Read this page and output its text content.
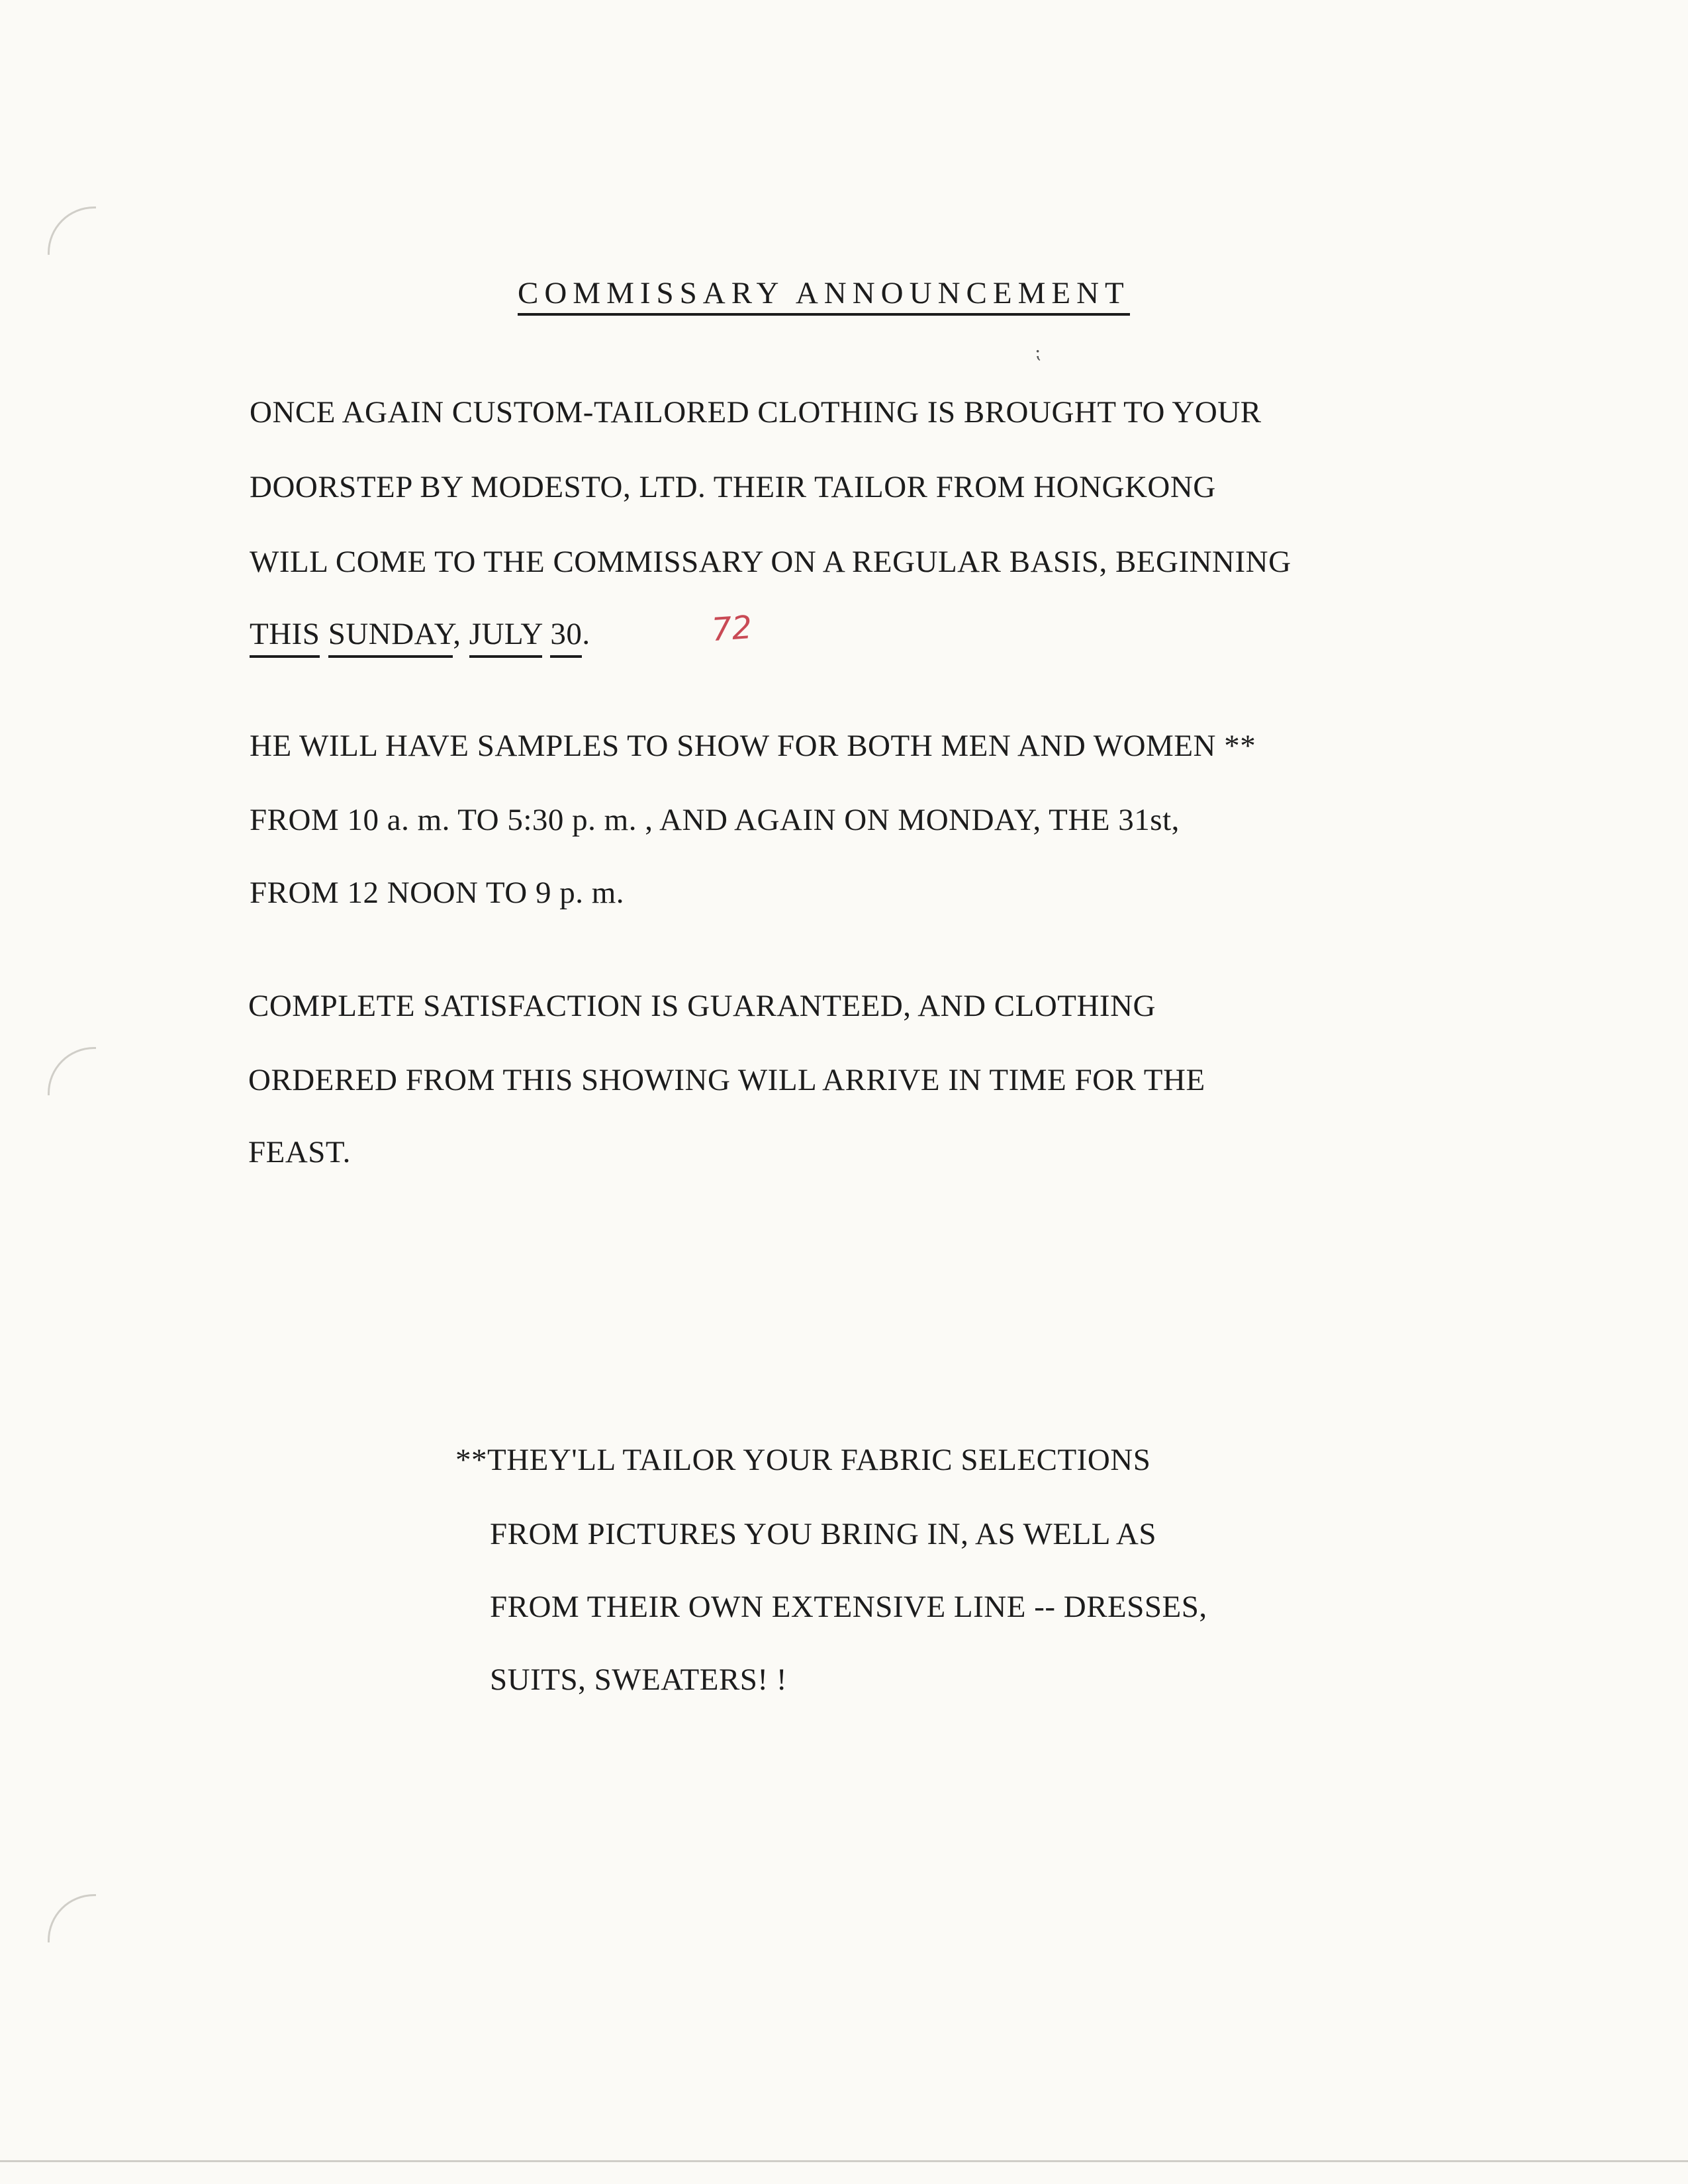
COMMISSARY ANNOUNCEMENT
⁏
ONCE AGAIN CUSTOM-TAILORED CLOTHING IS BROUGHT TO YOUR
DOORSTEP BY MODESTO, LTD. THEIR TAILOR FROM HONGKONG
WILL COME TO THE COMMISSARY ON A REGULAR BASIS, BEGINNING
THIS SUNDAY, JULY 30.	72
HE WILL HAVE SAMPLES TO SHOW FOR BOTH MEN AND WOMEN **
FROM 10 a. m. TO 5:30 p. m. , AND AGAIN ON MONDAY, THE 31st,
FROM 12 NOON TO 9 p. m.
COMPLETE SATISFACTION IS GUARANTEED, AND CLOTHING
ORDERED FROM THIS SHOWING WILL ARRIVE IN TIME FOR THE
FEAST.
**THEY'LL TAILOR YOUR FABRIC SELECTIONS
FROM PICTURES YOU BRING IN, AS WELL AS
FROM THEIR OWN EXTENSIVE LINE -- DRESSES,
SUITS, SWEATERS! !
